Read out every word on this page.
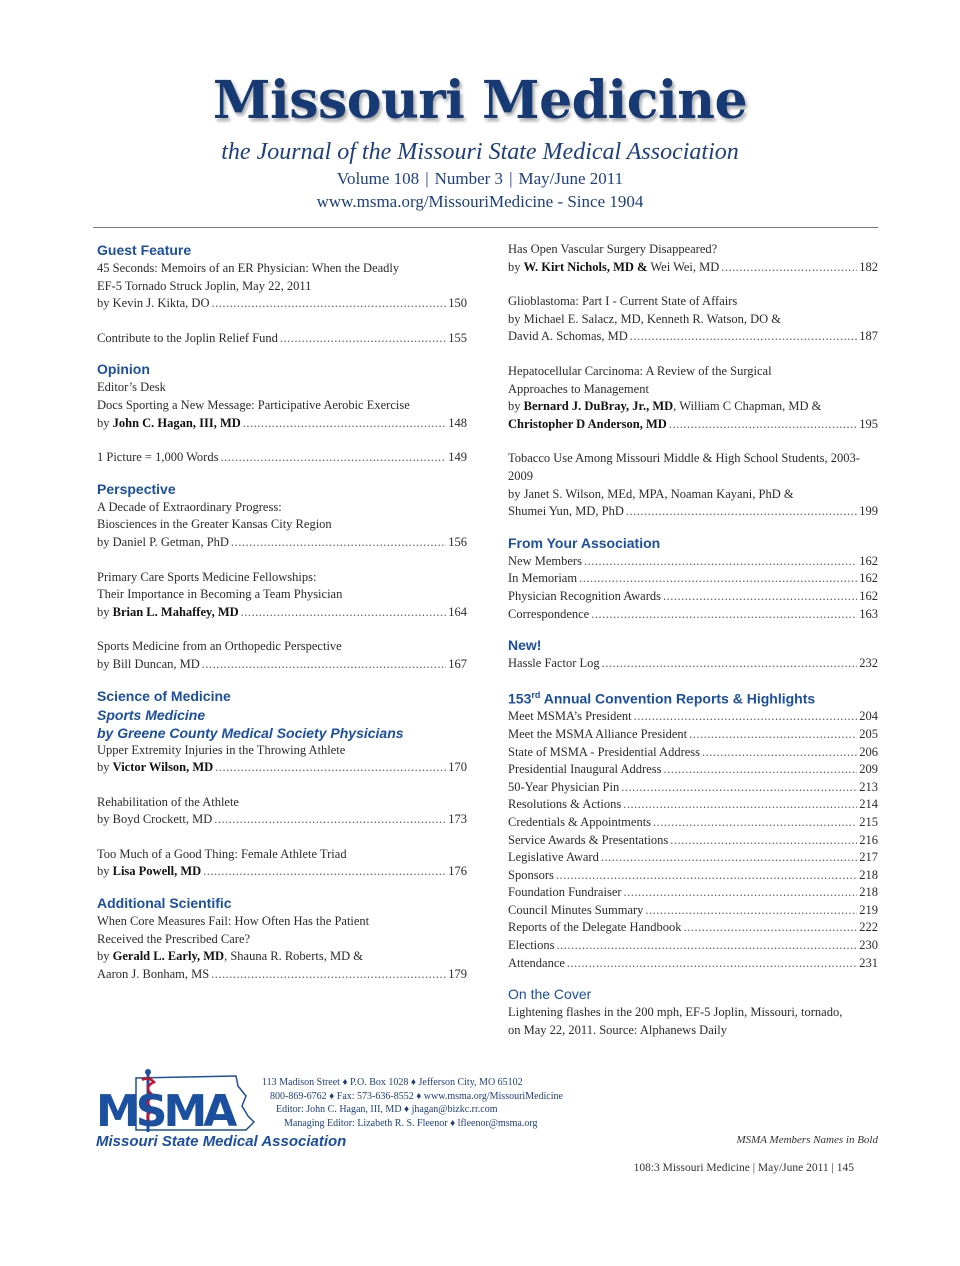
Missouri Medicine
the Journal of the Missouri State Medical Association
Volume 108 | Number 3 | May/June 2011
www.msma.org/MissouriMedicine - Since 1904
Guest Feature
45 Seconds: Memoirs of an ER Physician: When the Deadly
EF-5 Tornado Struck Joplin, May 22, 2011
by Kevin J. Kikta, DO .....	150
Contribute to the Joplin Relief Fund .....	155
Opinion
Editor’s Desk
Docs Sporting a New Message: Participative Aerobic Exercise
by John C. Hagan, III, MD .....	148
1 Picture = 1,000 Words .....	149
Perspective
A Decade of Extraordinary Progress:
Biosciences in the Greater Kansas City Region
by Daniel P. Getman, PhD .....	156
Primary Care Sports Medicine Fellowships:
Their Importance in Becoming a Team Physician
by Brian L. Mahaffey, MD .....	164
Sports Medicine from an Orthopedic Perspective
by Bill Duncan, MD .....	167
Science of Medicine
Sports Medicine
by Greene County Medical Society Physicians
Upper Extremity Injuries in the Throwing Athlete
by Victor Wilson, MD .....	170
Rehabilitation of the Athlete
by Boyd Crockett, MD .....	173
Too Much of a Good Thing: Female Athlete Triad
by Lisa Powell, MD .....	176
Additional Scientific
When Core Measures Fail: How Often Has the Patient
Received the Prescribed Care?
by Gerald L. Early, MD, Shauna R. Roberts, MD &
Aaron J. Bonham, MS .....	179
Has Open Vascular Surgery Disappeared?
by W. Kirt Nichols, MD & Wei Wei, MD .....	182
Glioblastoma: Part I - Current State of Affairs
by Michael E. Salacz, MD, Kenneth R. Watson, DO &
David A. Schomas, MD .....	187
Hepatocellular Carcinoma: A Review of the Surgical
Approaches to Management
by Bernard J. DuBray, Jr., MD, William C Chapman, MD &
Christopher D Anderson, MD .....	195
Tobacco Use Among Missouri Middle & High School Students, 2003-2009
by Janet S. Wilson, MEd, MPA, Noaman Kayani, PhD &
Shumei Yun, MD, PhD .....	199
From Your Association
New Members .....	162
In Memoriam .....	162
Physician Recognition Awards .....	162
Correspondence .....	163
New!
Hassle Factor Log .....	232
153rd Annual Convention Reports & Highlights
Meet MSMA’s President .....	204
Meet the MSMA Alliance President .....	205
State of MSMA - Presidential Address .....	206
Presidential Inaugural Address .....	209
50-Year Physician Pin .....	213
Resolutions & Actions .....	214
Credentials & Appointments .....	215
Service Awards & Presentations .....	216
Legislative Award .....	217
Sponsors .....	218
Foundation Fundraiser .....	218
Council Minutes Summary .....	219
Reports of the Delegate Handbook .....	222
Elections .....	230
Attendance .....	231
On the Cover
Lightening flashes in the 200 mph, EF-5 Joplin, Missouri, tornado,
on May 22, 2011. Source: Alphanews Daily
MSMA
Missouri State Medical Association
113 Madison Street ♦ P.O. Box 1028 ♦ Jefferson City, MO 65102
800-869-6762 ♦ Fax: 573-636-8552 ♦ www.msma.org/MissouriMedicine
Editor: John C. Hagan, III, MD ♦ jhagan@bizkc.rr.com
Managing Editor: Lizabeth R. S. Fleenor ♦ lfleenor@msma.org
MSMA Members Names in Bold
108:3 Missouri Medicine | May/June 2011 | 145
